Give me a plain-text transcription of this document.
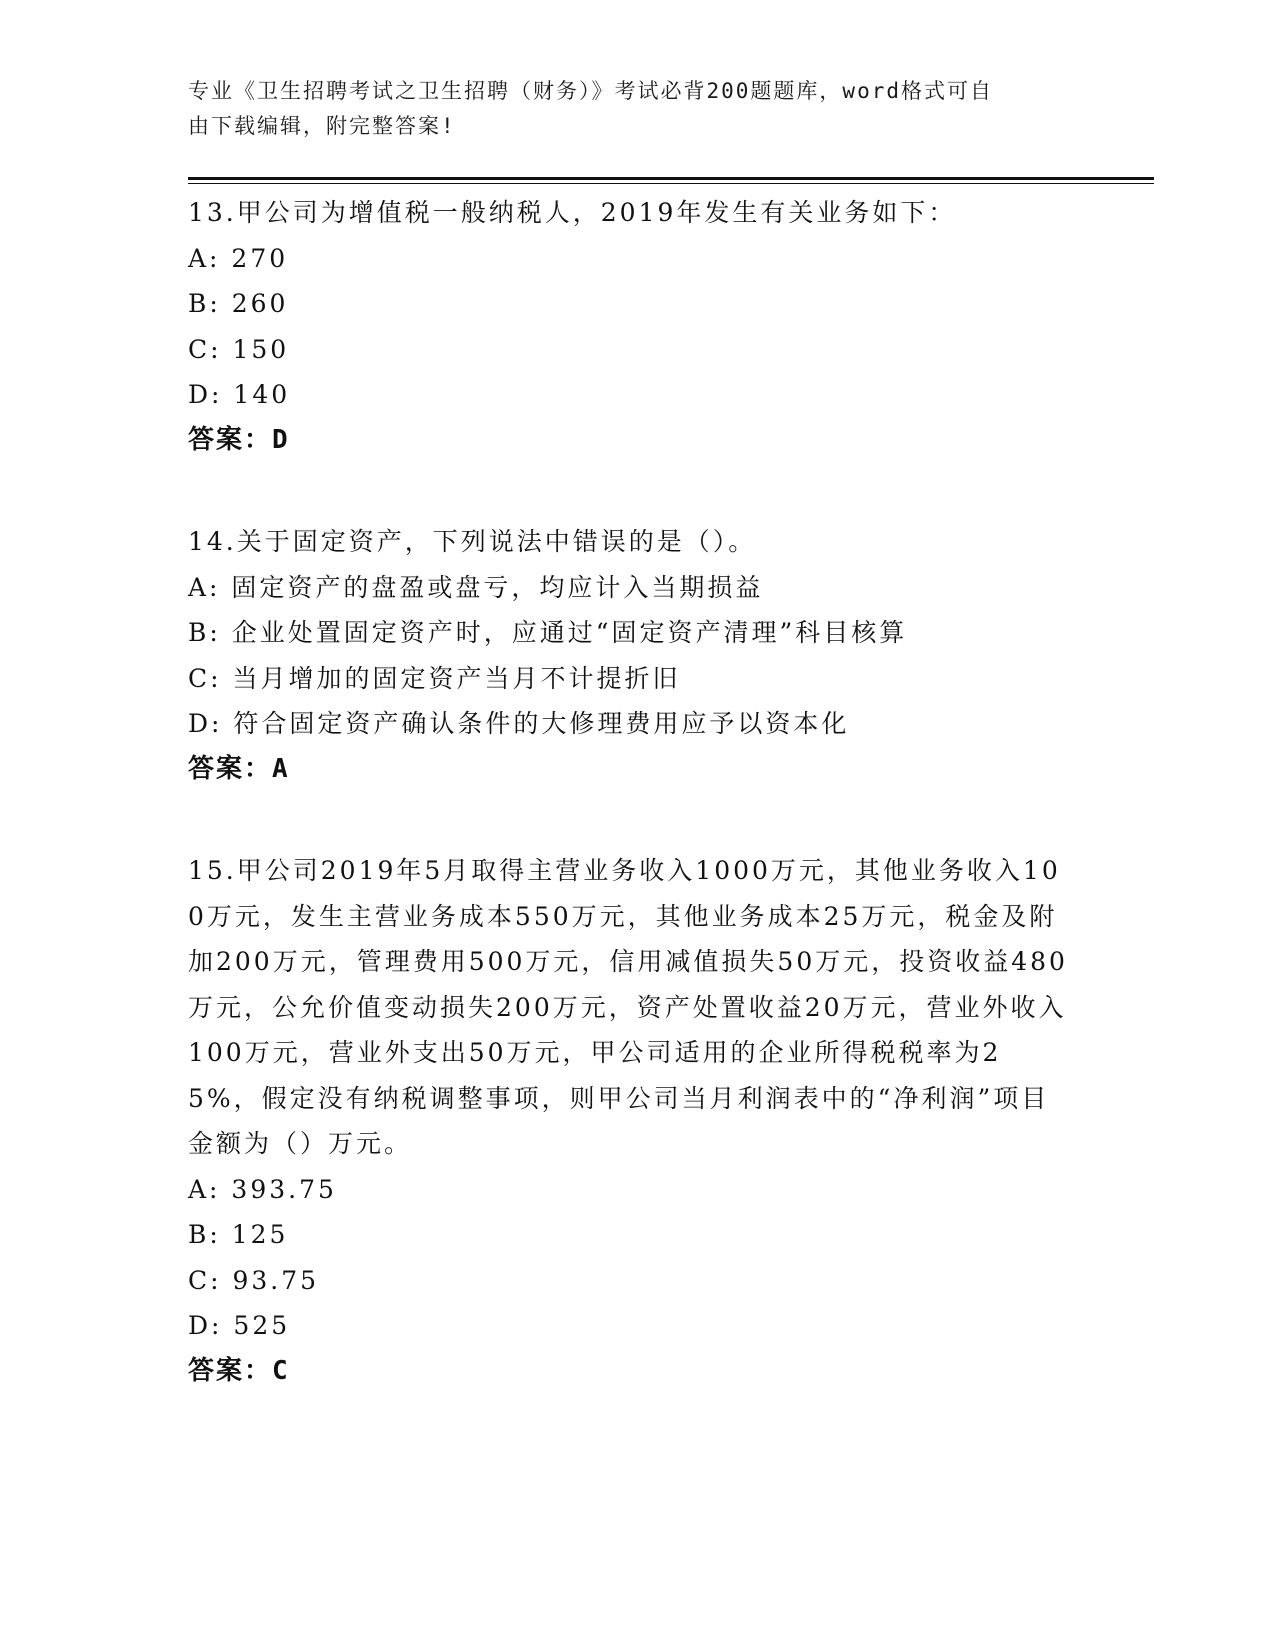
专业《卫生招聘考试之卫生招聘（财务）》考试必背200题题库，word格式可自
由下载编辑，附完整答案!
13.甲公司为增值税一般纳税人，2019年发生有关业务如下：
A: 270
B: 260
C: 150
D: 140
答案：D
14.关于固定资产，下列说法中错误的是（）。
A: 固定资产的盘盈或盘亏，均应计入当期损益
B: 企业处置固定资产时，应通过“固定资产清理”科目核算
C: 当月增加的固定资产当月不计提折旧
D: 符合固定资产确认条件的大修理费用应予以资本化
答案：A
15.甲公司2019年5月取得主营业务收入1000万元，其他业务收入100万元，发生主营业务成本550万元，其他业务成本25万元，税金及附加200万元，管理费用500万元，信用减值损失50万元，投资收益480万元，公允价值变动损失200万元，资产处置收益20万元，营业外收入100万元，营业外支出50万元，甲公司适用的企业所得税税率为25%，假定没有纳税调整事项，则甲公司当月利润表中的“净利润”项目金额为（）万元。
A: 393.75
B: 125
C: 93.75
D: 525
答案：C
